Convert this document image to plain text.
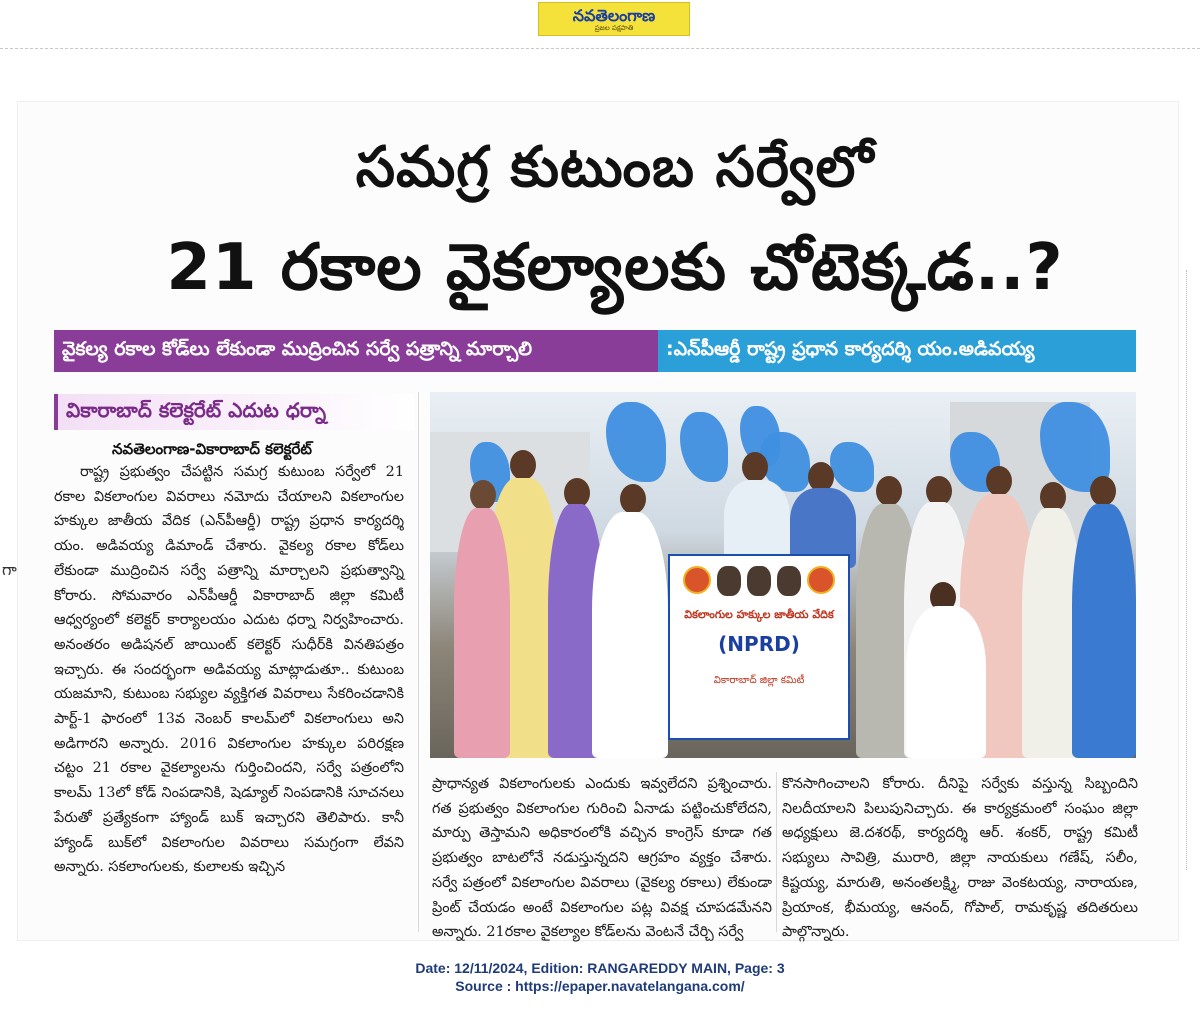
నవతెలంగాణ
ప్రజల పక్షపాతి
గా
సమగ్ర కుటుంబ సర్వేలో
21 రకాల వైకల్యాలకు చోటెక్కడ..?
వైకల్య రకాల కోడ్‌లు లేకుండా ముద్రించిన సర్వే పత్రాన్ని మార్చాలి	:ఎన్‌పీఆర్డీ రాష్ట్ర ప్రధాన కార్యదర్శి యం.అడివయ్య
వికారాబాద్ కలెక్టరేట్ ఎదుట ధర్నా
నవతెలంగాణ-వికారాబాద్ కలెక్టరేట్
రాష్ట్ర ప్రభుత్వం చేపట్టిన సమగ్ర కుటుంబ సర్వేలో 21 రకాల వికలాంగుల వివరాలు నమోదు చేయాలని వికలాంగుల హక్కుల జాతీయ వేదిక (ఎన్‌పీఆర్డీ) రాష్ట్ర ప్రధాన కార్యదర్శి యం. అడివయ్య డిమాండ్ చేశారు. వైకల్య రకాల కోడ్‌లు లేకుండా ముద్రించిన సర్వే పత్రాన్ని మార్చాలని ప్రభుత్వాన్ని కోరారు. సోమవారం ఎన్‌పీఆర్డీ వికారాబాద్ జిల్లా కమిటీ ఆధ్వర్యంలో కలెక్టర్ కార్యాలయం ఎదుట ధర్నా నిర్వహించారు. అనంతరం అడిషనల్ జాయింట్ కలెక్టర్ సుధీర్‌కి వినతిపత్రం ఇచ్చారు. ఈ సందర్భంగా అడివయ్య మాట్లాడుతూ.. కుటుంబ యజమాని, కుటుంబ సభ్యుల వ్యక్తిగత వివరాలు సేకరించడానికి పార్ట్-1 ఫారంలో 13వ నెంబర్ కాలమ్‌లో వికలాంగులు అని అడిగారని అన్నారు. 2016 వికలాంగుల హక్కుల పరిరక్షణ చట్టం 21 రకాల వైకల్యాలను గుర్తించిందని, సర్వే పత్రంలోని కాలమ్ 13లో కోడ్ నింపడానికి, షెడ్యూల్ నింపడానికి సూచనలు పేరుతో ప్రత్యేకంగా హ్యాండ్ బుక్ ఇచ్చారని తెలిపారు. కానీ హ్యాండ్ బుక్‌లో వికలాంగుల వివరాలు సమగ్రంగా లేవని అన్నారు. సకలాంగులకు, కులాలకు ఇచ్చిన
వికలాంగుల హక్కుల జాతీయ వేదిక
(NPRD)
వికారాబాద్ జిల్లా కమిటీ
ప్రాధాన్యత వికలాంగులకు ఎందుకు ఇవ్వలేదని ప్రశ్నించారు. గత ప్రభుత్వం వికలాంగుల గురించి ఏనాడు పట్టించుకోలేదని, మార్పు తెస్తామని అధికారంలోకి వచ్చిన కాంగ్రెస్ కూడా గత ప్రభుత్వం బాటలోనే నడుస్తున్నదని ఆగ్రహం వ్యక్తం చేశారు. సర్వే పత్రంలో వికలాంగుల వివరాలు (వైకల్య రకాలు) లేకుండా ప్రింట్ చేయడం అంటే వికలాంగుల పట్ల వివక్ష చూపడమేనని అన్నారు. 21రకాల వైకల్యాల కోడ్‌లను వెంటనే చేర్చి సర్వే
కొనసాగించాలని కోరారు. దీనిపై సర్వేకు వస్తున్న సిబ్బందిని నిలదీయాలని పిలుపునిచ్చారు. ఈ కార్యక్రమంలో సంఘం జిల్లా అధ్యక్షులు జె.దశరథ్, కార్యదర్శి ఆర్. శంకర్, రాష్ట్ర కమిటీ సభ్యులు సావిత్రి, మురారి, జిల్లా నాయకులు గణేష్, సలీం, కిష్టయ్య, మారుతి, అనంతలక్ష్మి, రాజు వెంకటయ్య, నారాయణ, ప్రియాంక, భీమయ్య, ఆనంద్, గోపాల్, రామకృష్ణ తదితరులు పాల్గొన్నారు.
Date: 12/11/2024, Edition: RANGAREDDY MAIN, Page: 3
Source : https://epaper.navatelangana.com/
